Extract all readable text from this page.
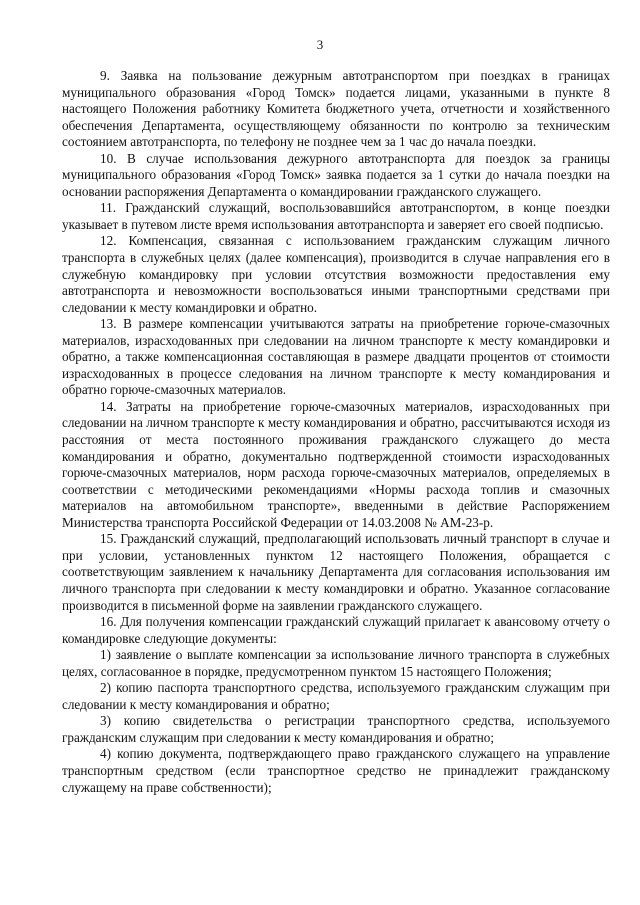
3

9. Заявка на пользование дежурным автотранспортом при поездках в границах муниципального образования «Город Томск» подается лицами, указанными в пункте 8 настоящего Положения работнику Комитета бюджетного учета, отчетности и хозяйственного обеспечения Департамента, осуществляющему обязанности по контролю за техническим состоянием автотранспорта, по телефону не позднее чем за 1 час до начала поездки.

10. В случае использования дежурного автотранспорта для поездок за границы муниципального образования «Город Томск» заявка подается за 1 сутки до начала поездки на основании распоряжения Департамента о командировании гражданского служащего.

11. Гражданский служащий, воспользовавшийся автотранспортом, в конце поездки указывает в путевом листе время использования автотранспорта и заверяет его своей подписью.

12. Компенсация, связанная с использованием гражданским служащим личного транспорта в служебных целях (далее компенсация), производится в случае направления его в служебную командировку при условии отсутствия возможности предоставления ему автотранспорта и невозможности воспользоваться иными транспортными средствами при следовании к месту командировки и обратно.

13. В размере компенсации учитываются затраты на приобретение горюче-смазочных материалов, израсходованных при следовании на личном транспорте к месту командировки и обратно, а также компенсационная составляющая в размере двадцати процентов от стоимости израсходованных в процессе следования на личном транспорте к месту командирования и обратно горюче-смазочных материалов.

14. Затраты на приобретение горюче-смазочных материалов, израсходованных при следовании на личном транспорте к месту командирования и обратно, рассчитываются исходя из расстояния от места постоянного проживания гражданского служащего до места командирования и обратно, документально подтвержденной стоимости израсходованных горюче-смазочных материалов, норм расхода горюче-смазочных материалов, определяемых в соответствии с методическими рекомендациями «Нормы расхода топлив и смазочных материалов на автомобильном транспорте», введенными в действие Распоряжением Министерства транспорта Российской Федерации от 14.03.2008 № АМ-23-р.

15. Гражданский служащий, предполагающий использовать личный транспорт в случае и при условии, установленных пунктом 12 настоящего Положения, обращается с соответствующим заявлением к начальнику Департамента для согласования использования им личного транспорта при следовании к месту командировки и обратно. Указанное согласование производится в письменной форме на заявлении гражданского служащего.

16. Для получения компенсации гражданский служащий прилагает к авансовому отчету о командировке следующие документы:

1) заявление о выплате компенсации за использование личного транспорта в служебных целях, согласованное в порядке, предусмотренном пунктом 15 настоящего Положения;

2) копию паспорта транспортного средства, используемого гражданским служащим при следовании к месту командирования и обратно;

3) копию свидетельства о регистрации транспортного средства, используемого гражданским служащим при следовании к месту командирования и обратно;

4) копию документа, подтверждающего право гражданского служащего на управление транспортным средством (если транспортное средство не принадлежит гражданскому служащему на праве собственности);
